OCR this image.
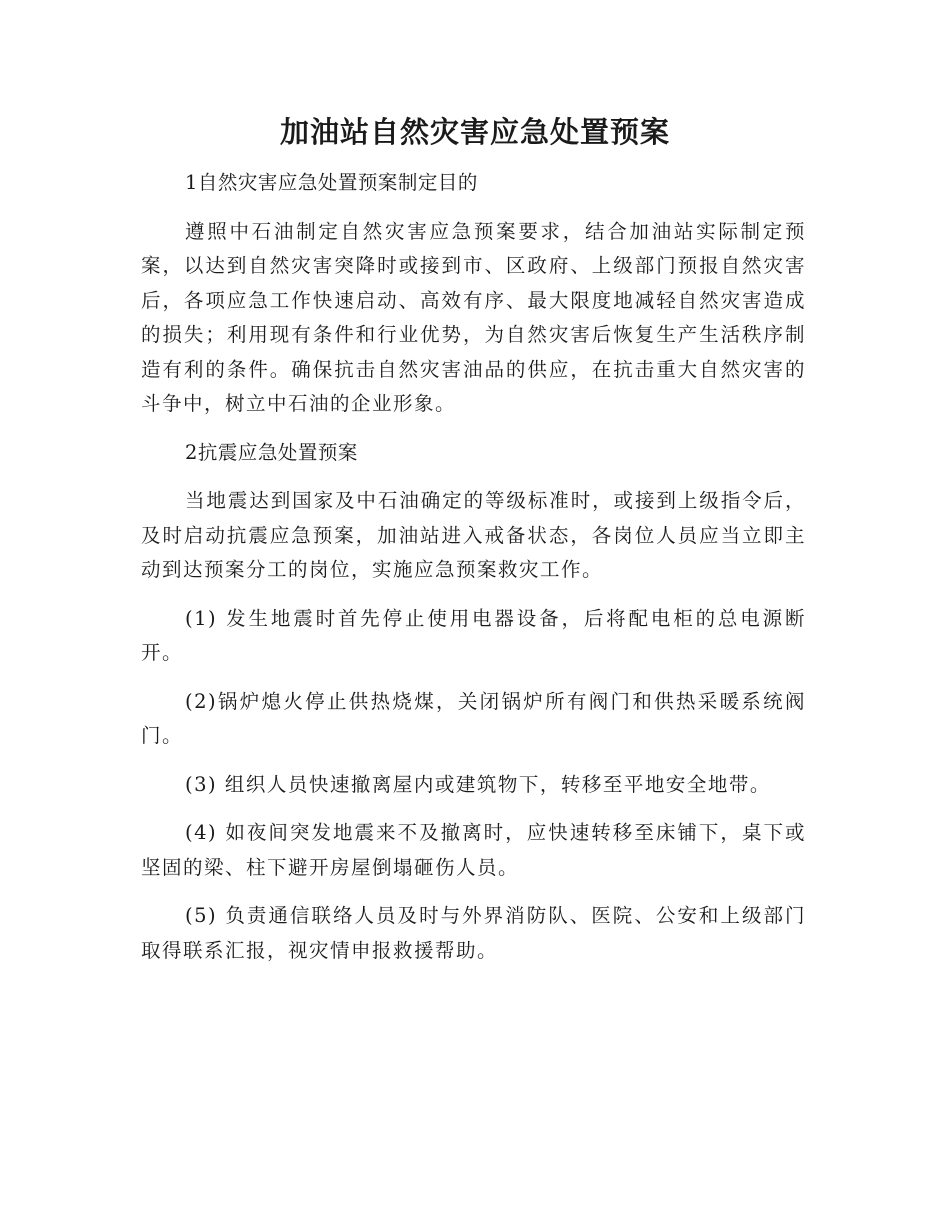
加油站自然灾害应急处置预案

1自然灾害应急处置预案制定目的

遵照中石油制定自然灾害应急预案要求，结合加油站实际制定预案，以达到自然灾害突降时或接到市、区政府、上级部门预报自然灾害后，各项应急工作快速启动、高效有序、最大限度地减轻自然灾害造成的损失；利用现有条件和行业优势，为自然灾害后恢复生产生活秩序制造有利的条件。确保抗击自然灾害油品的供应，在抗击重大自然灾害的斗争中，树立中石油的企业形象。

2抗震应急处置预案

当地震达到国家及中石油确定的等级标准时，或接到上级指令后，及时启动抗震应急预案，加油站进入戒备状态，各岗位人员应当立即主动到达预案分工的岗位，实施应急预案救灾工作。

(1) 发生地震时首先停止使用电器设备，后将配电柜的总电源断开。

(2)锅炉熄火停止供热烧煤，关闭锅炉所有阀门和供热采暖系统阀门。

(3) 组织人员快速撤离屋内或建筑物下，转移至平地安全地带。

(4) 如夜间突发地震来不及撤离时，应快速转移至床铺下，桌下或坚固的梁、柱下避开房屋倒塌砸伤人员。

(5) 负责通信联络人员及时与外界消防队、医院、公安和上级部门取得联系汇报，视灾情申报救援帮助。
